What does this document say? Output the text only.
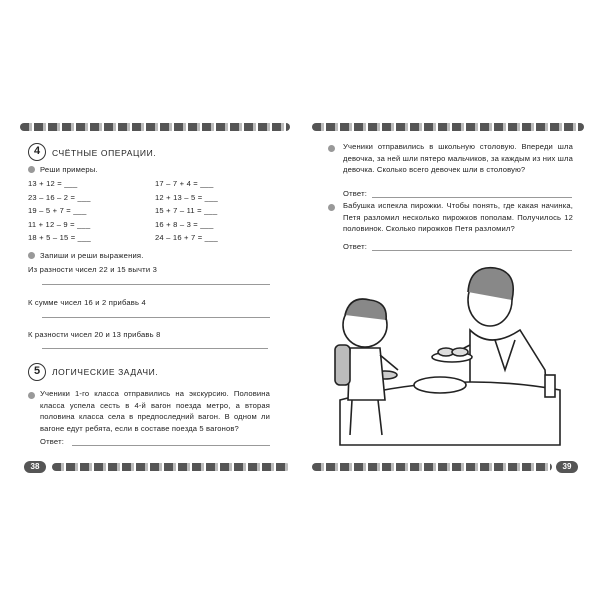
4	СЧЁТНЫЕ ОПЕРАЦИИ.
Реши примеры.
13 + 12 = ___
23 – 16 – 2 = ___
19 – 5 + 7 = ___
11 + 12 – 9 = ___
18 + 5 – 15 = ___
17 – 7 + 4 = ___
12 + 13 – 5 = ___
15 + 7 – 11 = ___
16 + 8 – 3 = ___
24 – 16 + 7 = ___
Запиши и реши выражения.
Из разности чисел 22 и 15 вычти 3
К сумме чисел 16 и 2 прибавь 4
К разности чисел 20 и 13 прибавь 8
5	ЛОГИЧЕСКИЕ ЗАДАЧИ.
Ученики 1-го класса отправились на экскурсию. Половина класса успела сесть в 4-й вагон поезда метро, а вторая половина класса села в предпоследний вагон. В одном ли вагоне едут ребята, если в составе поезда 5 вагонов?
Ответ:
38
Ученики отправились в школьную столовую. Впереди шла девочка, за ней шли пятеро мальчиков, за каждым из них шла девочка. Сколько всего девочек шли в столовую?
Ответ:
Бабушка испекла пирожки. Чтобы понять, где какая начинка, Петя разломил несколько пирожков пополам. Получилось 12 половинок. Сколько пирожков Петя разломил?
Ответ:
39
